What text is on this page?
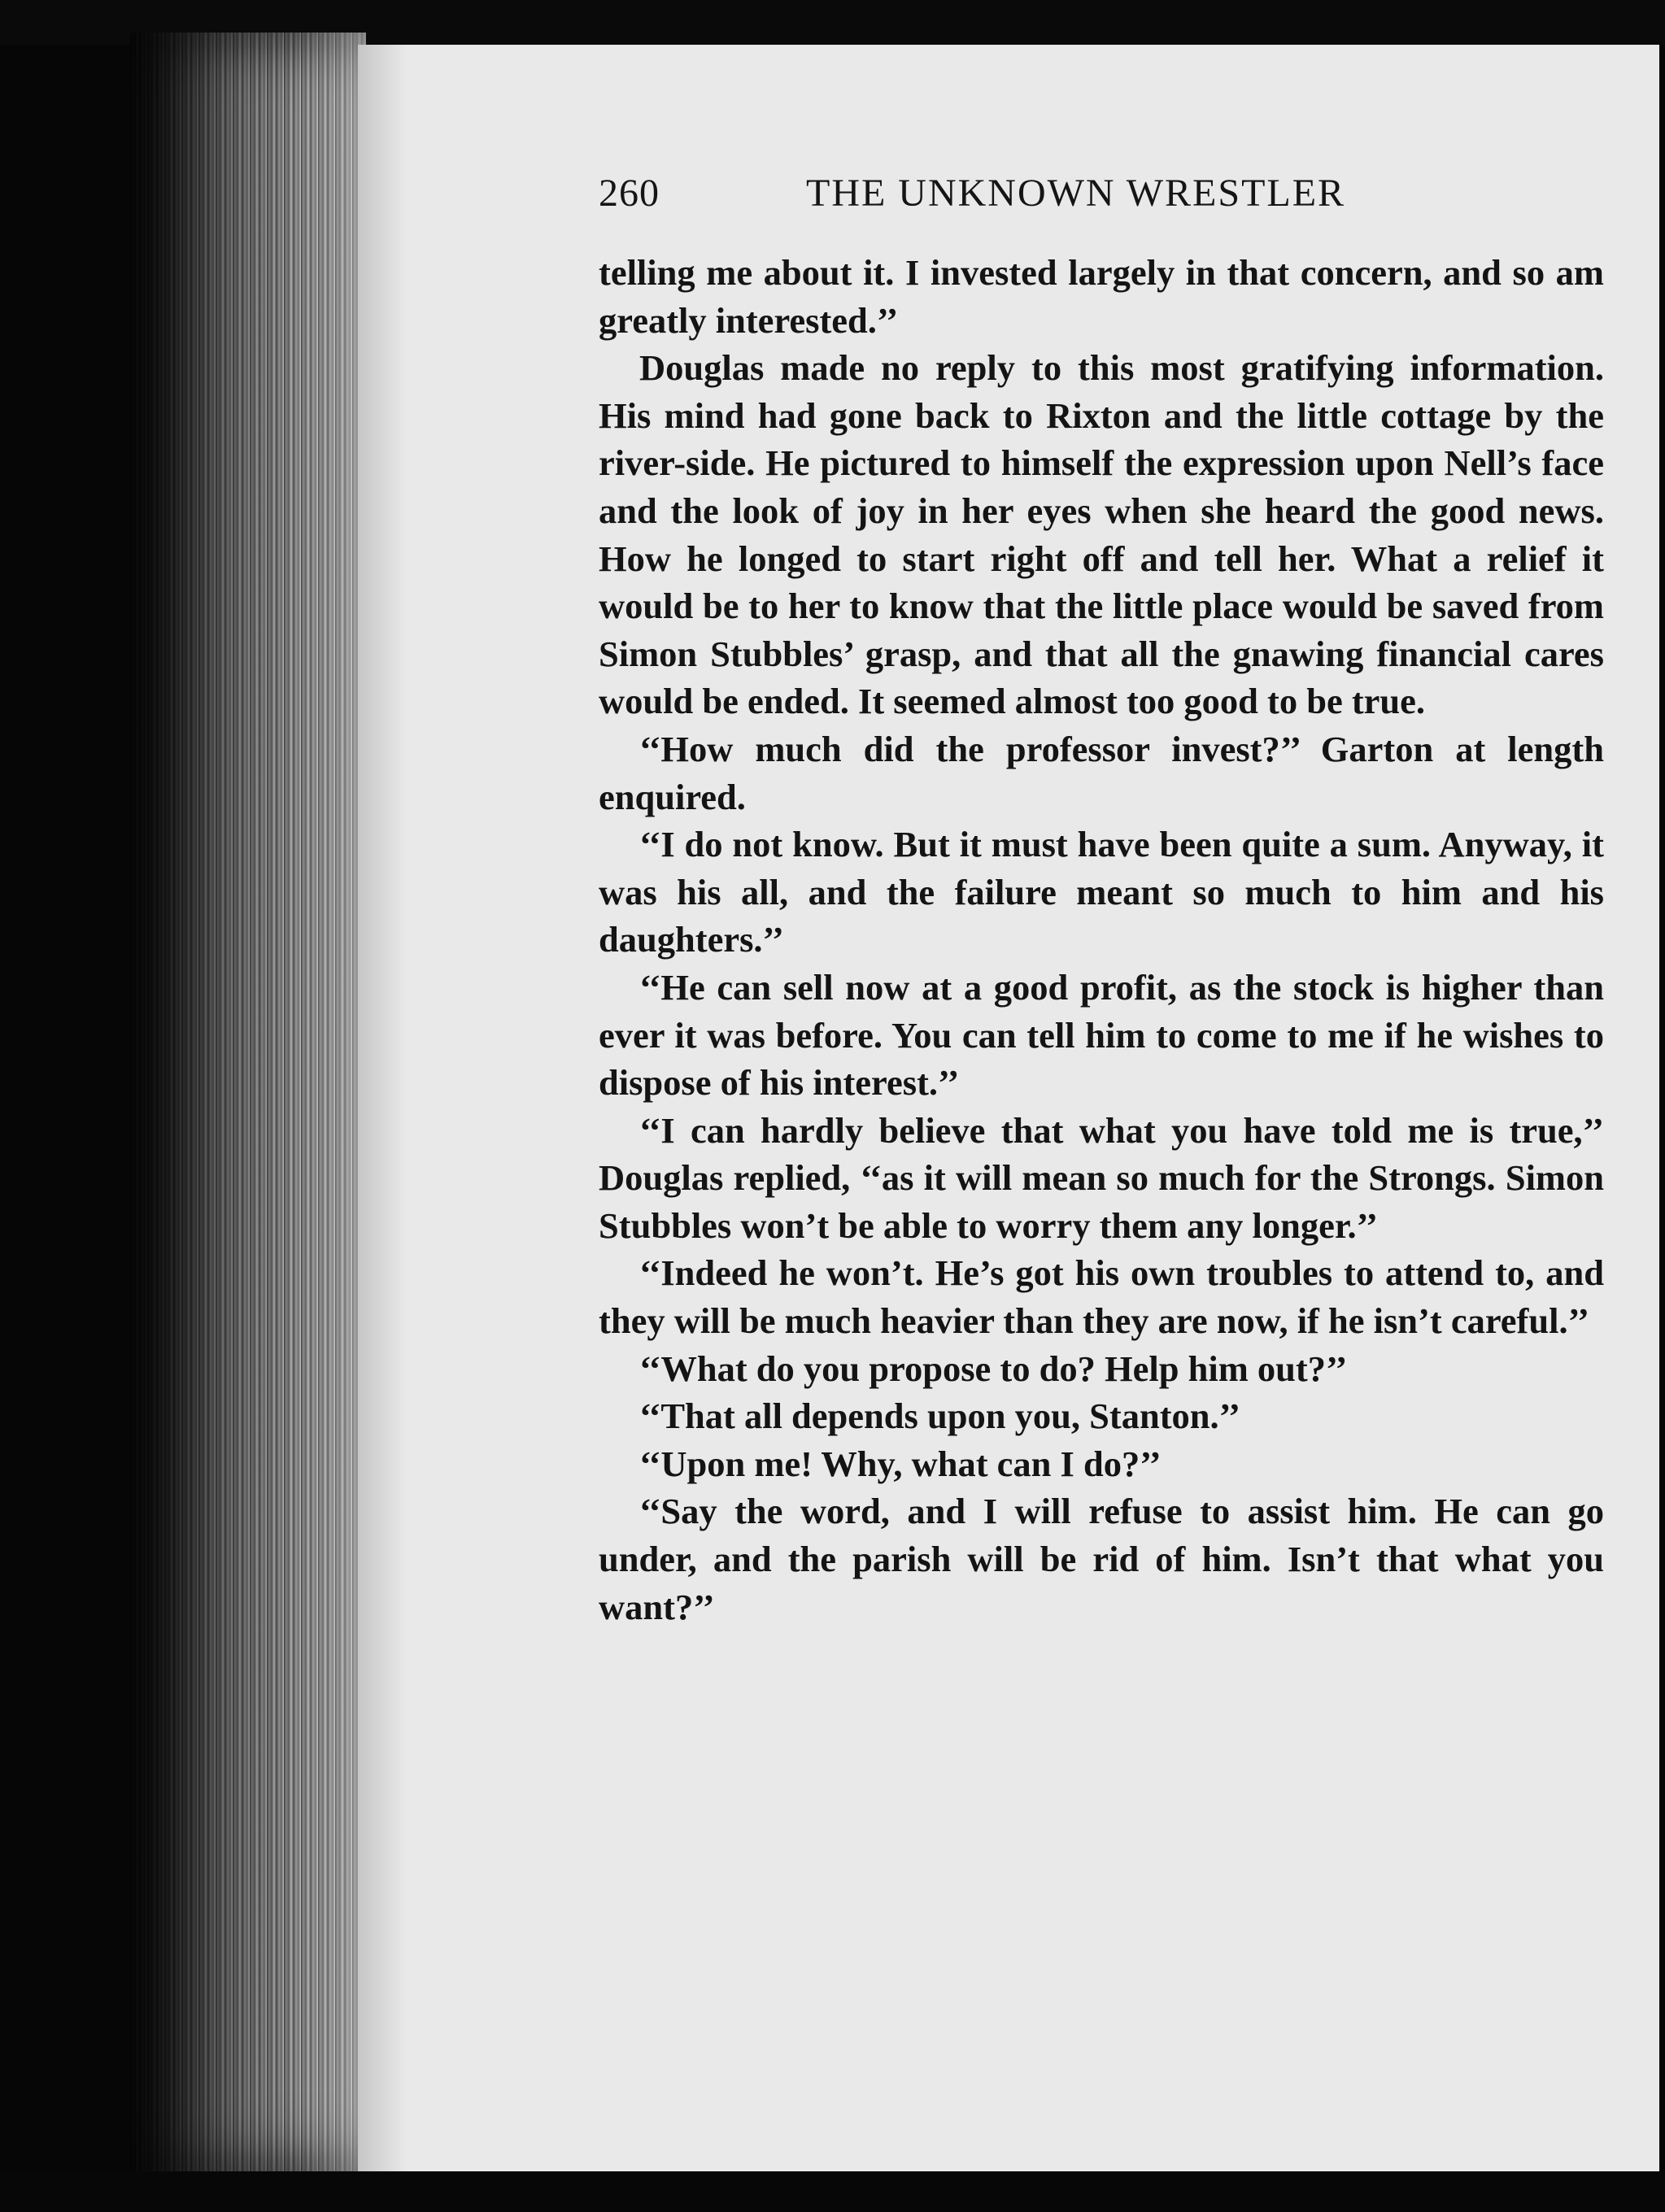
260	THE UNKNOWN WRESTLER

telling me about it. I invested largely in that concern, and so am greatly interested.’’

Douglas made no reply to this most gratifying information. His mind had gone back to Rixton and the little cottage by the river-side. He pictured to himself the expression upon Nell’s face and the look of joy in her eyes when she heard the good news. How he longed to start right off and tell her. What a relief it would be to her to know that the little place would be saved from Simon Stubbles’ grasp, and that all the gnawing financial cares would be ended. It seemed almost too good to be true.

‘‘How much did the professor invest?’’ Garton at length enquired.

‘‘I do not know. But it must have been quite a sum. Anyway, it was his all, and the failure meant so much to him and his daughters.’’

‘‘He can sell now at a good profit, as the stock is higher than ever it was before. You can tell him to come to me if he wishes to dispose of his interest.’’

‘‘I can hardly believe that what you have told me is true,’’ Douglas replied, ‘‘as it will mean so much for the Strongs. Simon Stubbles won’t be able to worry them any longer.’’

‘‘Indeed he won’t. He’s got his own troubles to attend to, and they will be much heavier than they are now, if he isn’t careful.’’

‘‘What do you propose to do? Help him out?’’

‘‘That all depends upon you, Stanton.’’

‘‘Upon me! Why, what can I do?’’

‘‘Say the word, and I will refuse to assist him. He can go under, and the parish will be rid of him. Isn’t that what you want?’’
